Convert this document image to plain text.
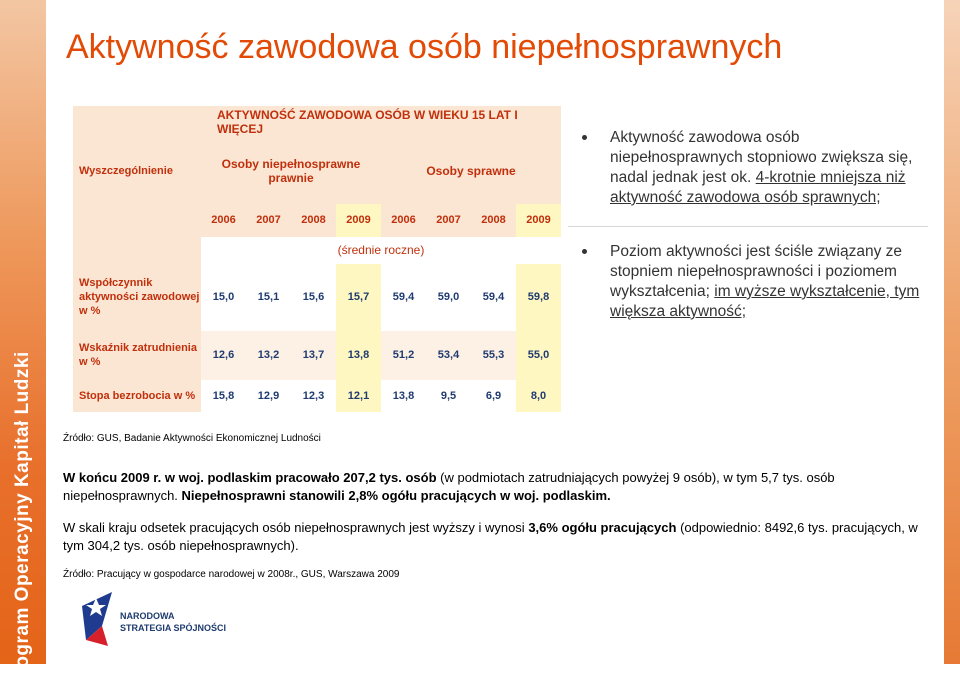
Program Operacyjny Kapitał Ludzki
Aktywność zawodowa osób niepełnosprawnych
Wyszczególnienie	AKTYWNOŚĆ ZAWODOWA OSÓB W WIEKU 15 LAT I WIĘCEJ							
	Osoby niepełnosprawne prawnie				Osoby sprawne			
	2006	2007	2008	2009	2006	2007	2008	2009
	(średnie roczne)							
Współczynnik aktywności zawodowej w %	15,0	15,1	15,6	15,7	59,4	59,0	59,4	59,8
Wskaźnik zatrudnienia w %	12,6	13,2	13,7	13,8	51,2	53,4	55,3	55,0
Stopa bezrobocia w %	15,8	12,9	12,3	12,1	13,8	9,5	6,9	8,0

Aktywność zawodowa osób niepełnosprawnych stopniowo zwiększa się, nadal jednak jest ok. 4-krotnie mniejsza niż aktywność zawodowa osób sprawnych;

Poziom aktywności jest ściśle związany ze stopniem niepełnosprawności i poziomem wykształcenia; im wyższe wykształcenie, tym większa aktywność;

Źródło: GUS, Badanie Aktywności Ekonomicznej Ludności

W końcu 2009 r. w woj. podlaskim pracowało 207,2 tys. osób (w podmiotach zatrudniających powyżej 9 osób), w tym 5,7 tys. osób niepełnosprawnych. Niepełnosprawni stanowili 2,8% ogółu pracujących w woj. podlaskim.

W skali kraju odsetek pracujących osób niepełnosprawnych jest wyższy i wynosi 3,6% ogółu pracujących (odpowiednio: 8492,6 tys. pracujących, w tym 304,2 tys. osób niepełnosprawnych).

Źródło: Pracujący w gospodarce narodowej w 2008r., GUS, Warszawa 2009

NARODOWA
STRATEGIA SPÓJNOŚCI
